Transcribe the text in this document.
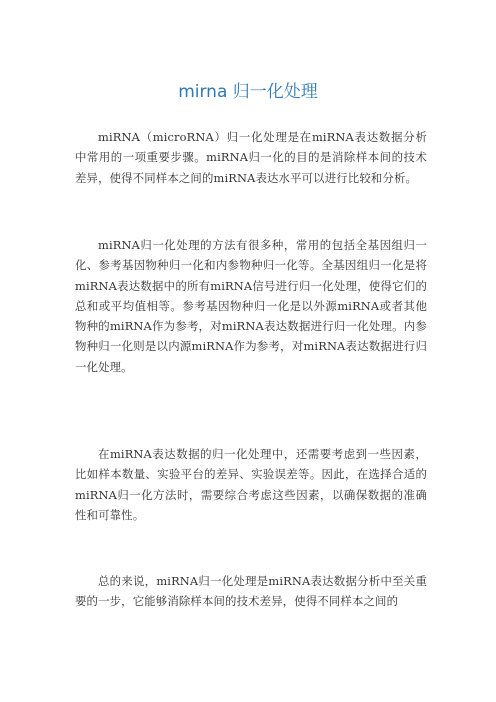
mirna 归一化处理

miRNA（microRNA）归一化处理是在miRNA表达数据分析中常用的一项重要步骤。miRNA归一化的目的是消除样本间的技术差异，使得不同样本之间的miRNA表达水平可以进行比较和分析。

miRNA归一化处理的方法有很多种，常用的包括全基因组归一化、参考基因物种归一化和内参物种归一化等。全基因组归一化是将miRNA表达数据中的所有miRNA信号进行归一化处理，使得它们的总和或平均值相等。参考基因物种归一化是以外源miRNA或者其他物种的miRNA作为参考，对miRNA表达数据进行归一化处理。内参物种归一化则是以内源miRNA作为参考，对miRNA表达数据进行归一化处理。

在miRNA表达数据的归一化处理中，还需要考虑到一些因素，比如样本数量、实验平台的差异、实验误差等。因此，在选择合适的miRNA归一化方法时，需要综合考虑这些因素，以确保数据的准确性和可靠性。

总的来说，miRNA归一化处理是miRNA表达数据分析中至关重要的一步，它能够消除样本间的技术差异，使得不同样本之间的
